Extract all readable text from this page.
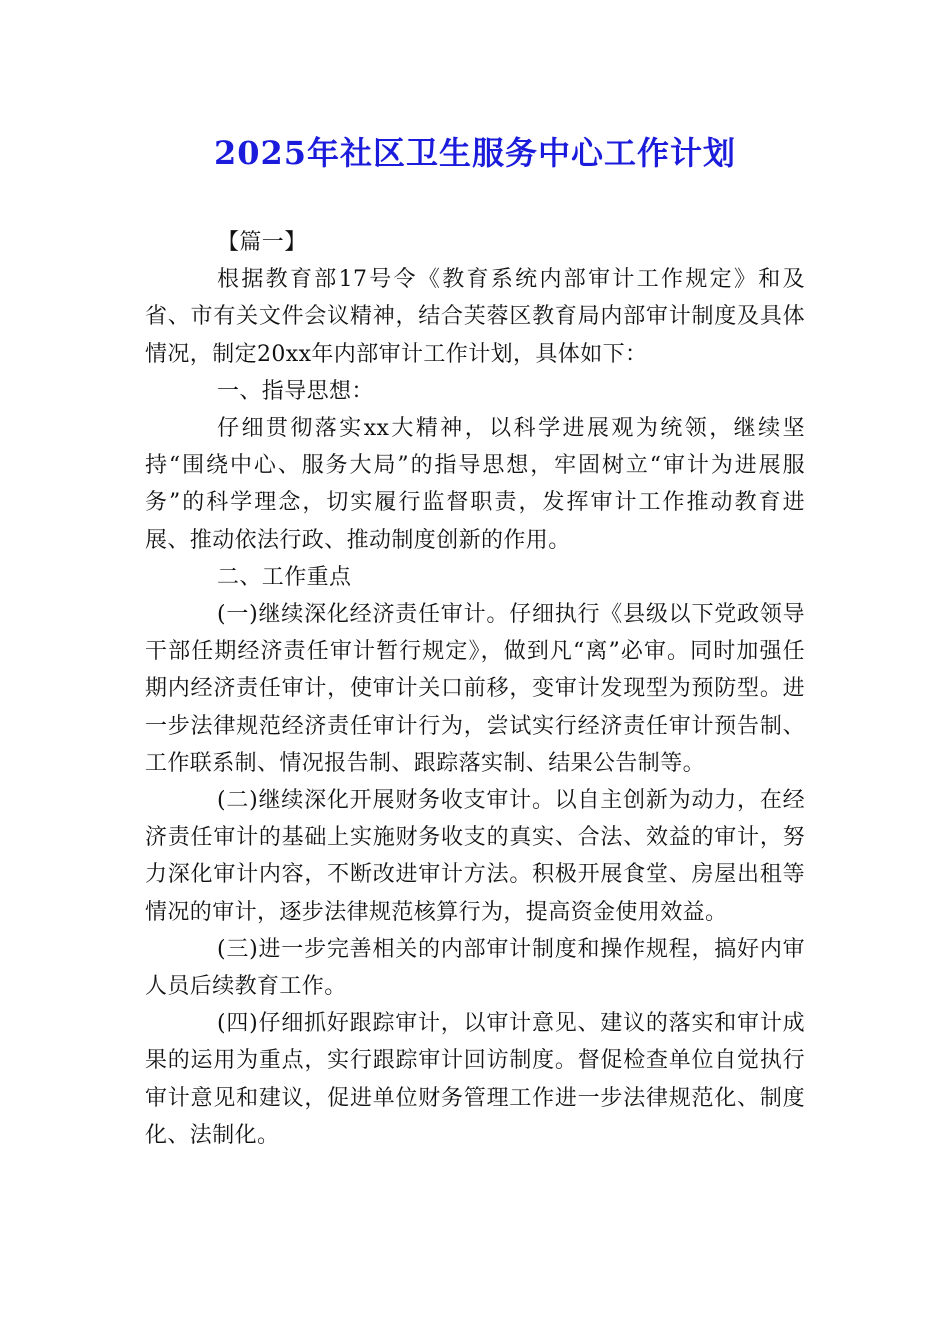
2025年社区卫生服务中心工作计划

【篇一】

根据教育部17号令《教育系统内部审计工作规定》和及省、市有关文件会议精神，结合芙蓉区教育局内部审计制度及具体情况，制定20xx年内部审计工作计划，具体如下：

一、指导思想：

仔细贯彻落实xx大精神，以科学进展观为统领，继续坚持“围绕中心、服务大局”的指导思想，牢固树立“审计为进展服务”的科学理念，切实履行监督职责，发挥审计工作推动教育进展、推动依法行政、推动制度创新的作用。

二、工作重点

(一)继续深化经济责任审计。仔细执行《县级以下党政领导干部任期经济责任审计暂行规定》，做到凡“离”必审。同时加强任期内经济责任审计，使审计关口前移，变审计发现型为预防型。进一步法律规范经济责任审计行为，尝试实行经济责任审计预告制、工作联系制、情况报告制、跟踪落实制、结果公告制等。

(二)继续深化开展财务收支审计。以自主创新为动力，在经济责任审计的基础上实施财务收支的真实、合法、效益的审计，努力深化审计内容，不断改进审计方法。积极开展食堂、房屋出租等情况的审计，逐步法律规范核算行为，提高资金使用效益。

(三)进一步完善相关的内部审计制度和操作规程，搞好内审人员后续教育工作。

(四)仔细抓好跟踪审计，以审计意见、建议的落实和审计成果的运用为重点，实行跟踪审计回访制度。督促检查单位自觉执行审计意见和建议，促进单位财务管理工作进一步法律规范化、制度化、法制化。
